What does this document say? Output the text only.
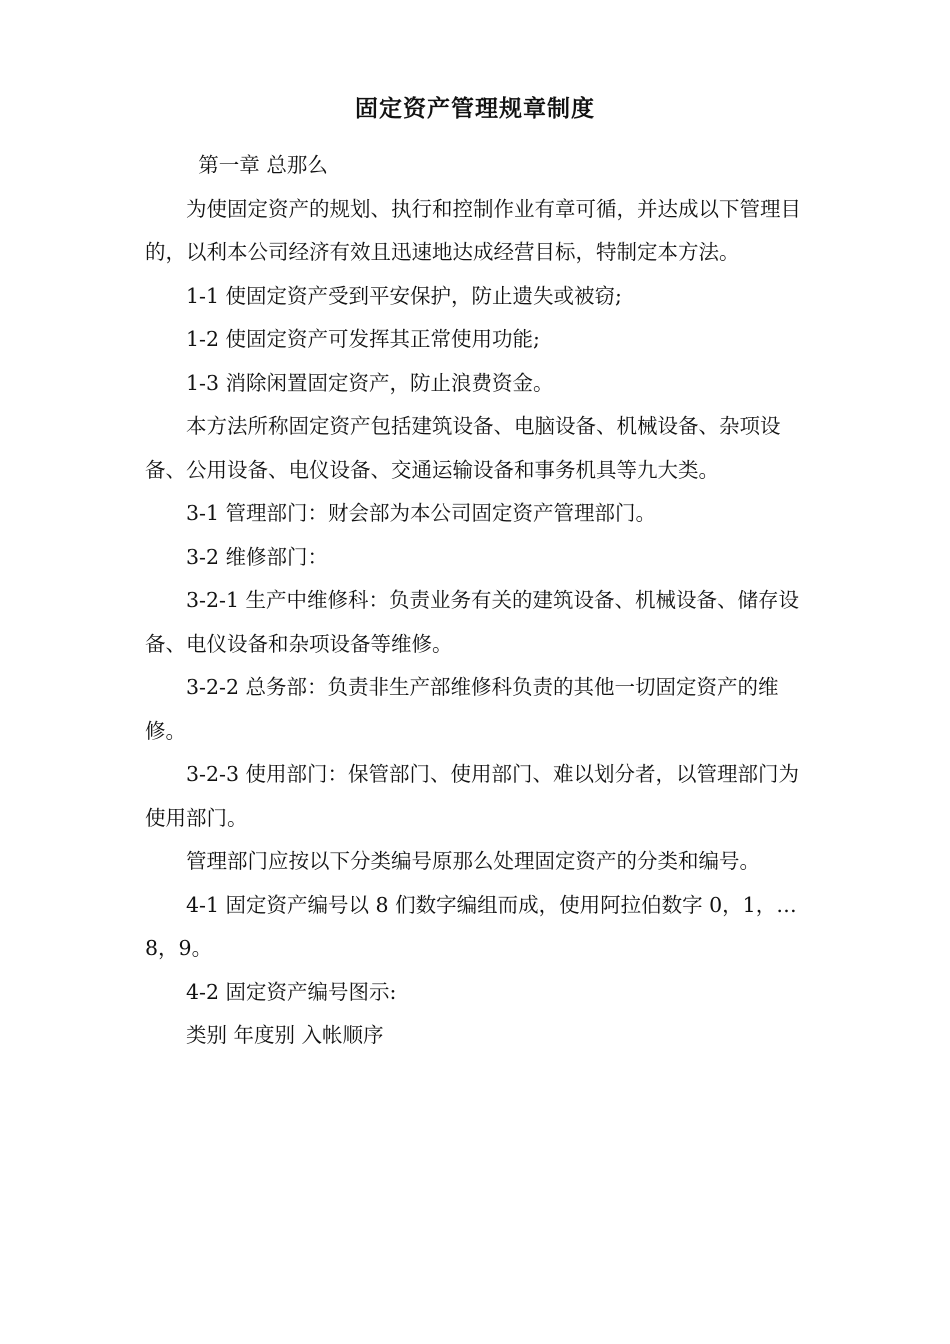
固定资产管理规章制度

第一章 总那么

为使固定资产的规划、执行和控制作业有章可循，并达成以下管理目的，以利本公司经济有效且迅速地达成经营目标，特制定本方法。

1-1 使固定资产受到平安保护，防止遗失或被窃;

1-2 使固定资产可发挥其正常使用功能;

1-3 消除闲置固定资产，防止浪费资金。

本方法所称固定资产包括建筑设备、电脑设备、机械设备、杂项设备、公用设备、电仪设备、交通运输设备和事务机具等九大类。

3-1 管理部门：财会部为本公司固定资产管理部门。

3-2 维修部门：

3-2-1 生产中维修科：负责业务有关的建筑设备、机械设备、储存设备、电仪设备和杂项设备等维修。

3-2-2 总务部：负责非生产部维修科负责的其他一切固定资产的维修。

3-2-3 使用部门：保管部门、使用部门、难以划分者，以管理部门为使用部门。

管理部门应按以下分类编号原那么处理固定资产的分类和编号。

4-1 固定资产编号以 8 们数字编组而成，使用阿拉伯数字 0，1，…8，9。

4-2 固定资产编号图示:

类别 年度别 入帐顺序
